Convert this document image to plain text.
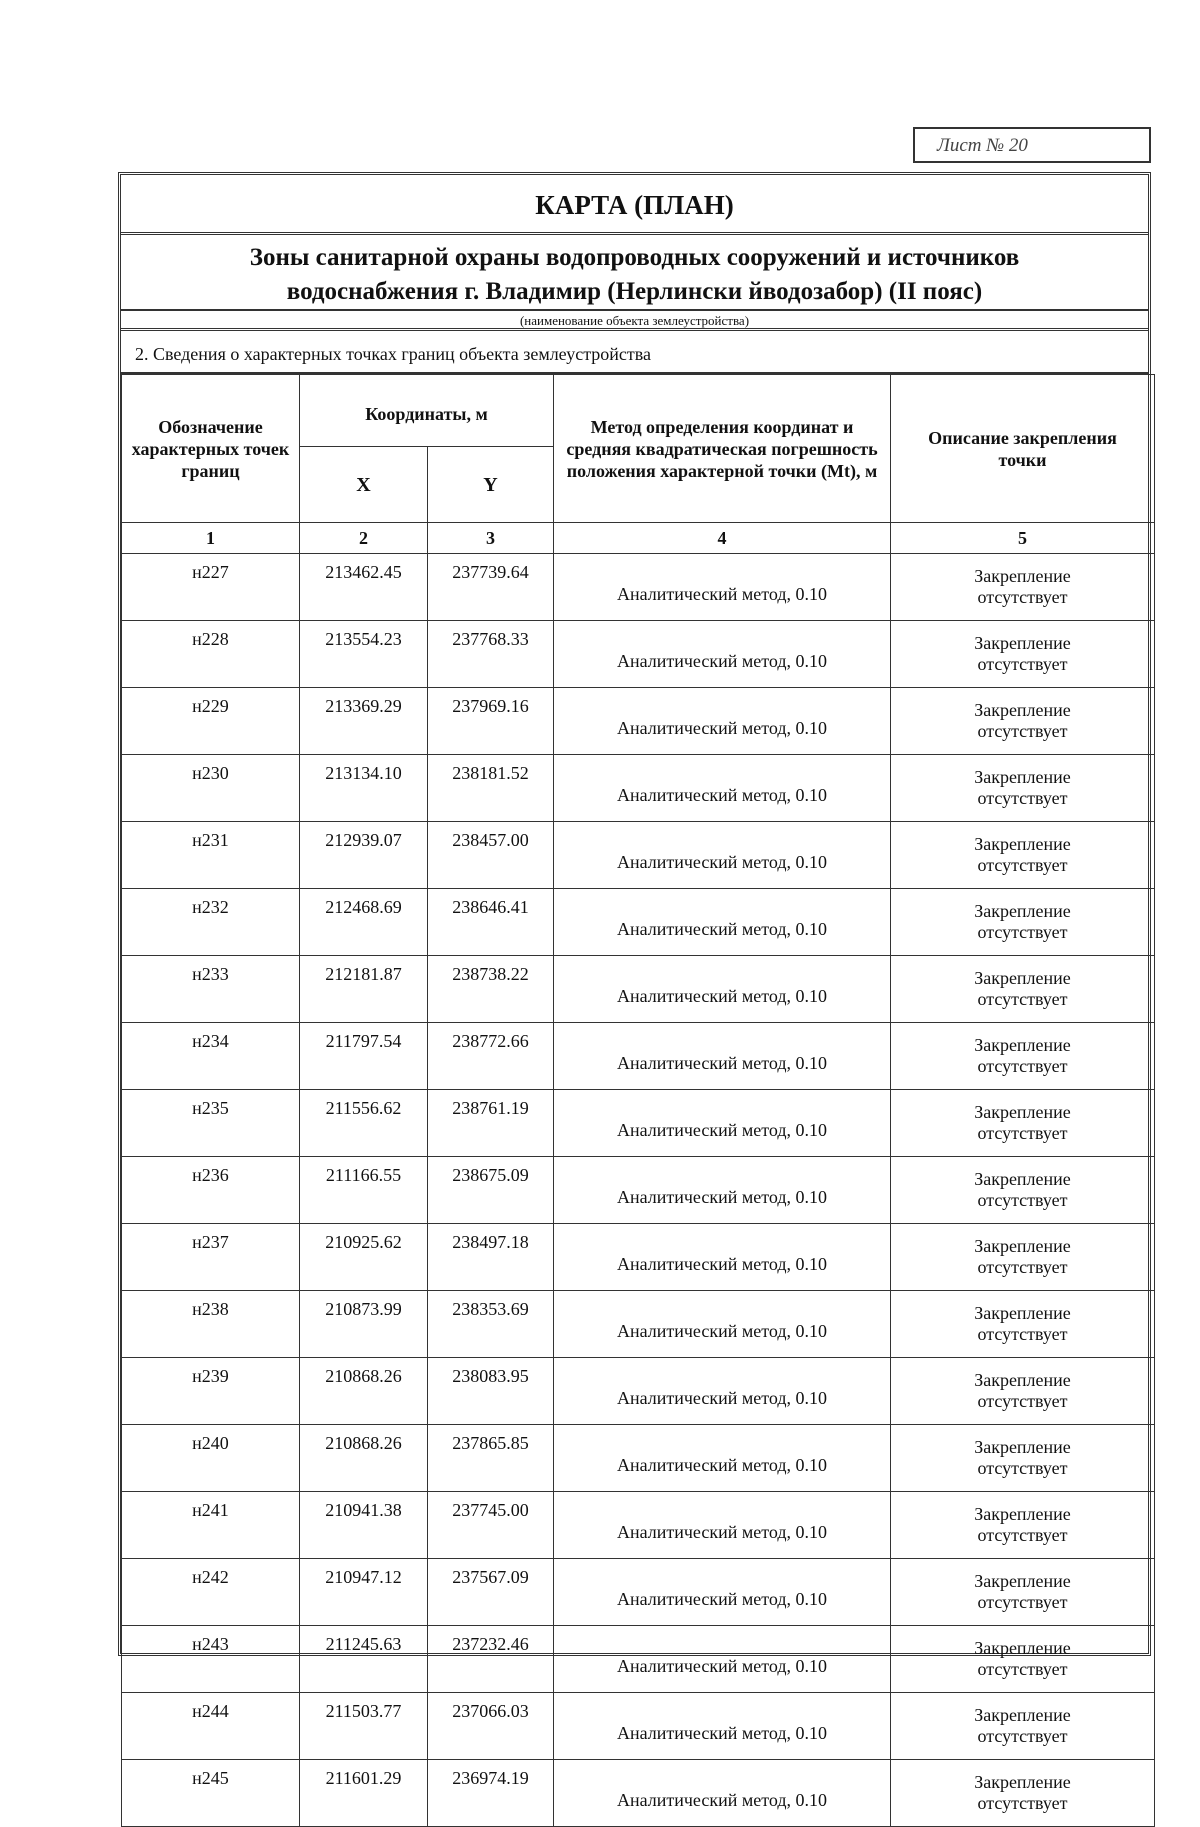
Лист № 20
КАРТА (ПЛАН)
Зоны санитарной охраны водопроводных сооружений и источников
водоснабжения г. Владимир (Нерлински йводозабор) (II пояс)
(наименование объекта землеустройства)
2. Сведения о характерных точках границ объекта землеустройства
Обозначение характерных точек границ	Координаты, м		Метод определения координат и средняя квадратическая погрешность положения характерной точки (Mt), м	Описание закрепления точки
	X	Y		
1	2	3	4	5
н227	213462.45	237739.64	Аналитический метод, 0.10	Закрепление
отсутствует

н228	213554.23	237768.33	Аналитический метод, 0.10	Закрепление
отсутствует

н229	213369.29	237969.16	Аналитический метод, 0.10	Закрепление
отсутствует

н230	213134.10	238181.52	Аналитический метод, 0.10	Закрепление
отсутствует

н231	212939.07	238457.00	Аналитический метод, 0.10	Закрепление
отсутствует

н232	212468.69	238646.41	Аналитический метод, 0.10	Закрепление
отсутствует

н233	212181.87	238738.22	Аналитический метод, 0.10	Закрепление
отсутствует

н234	211797.54	238772.66	Аналитический метод, 0.10	Закрепление
отсутствует

н235	211556.62	238761.19	Аналитический метод, 0.10	Закрепление
отсутствует

н236	211166.55	238675.09	Аналитический метод, 0.10	Закрепление
отсутствует

н237	210925.62	238497.18	Аналитический метод, 0.10	Закрепление
отсутствует

н238	210873.99	238353.69	Аналитический метод, 0.10	Закрепление
отсутствует

н239	210868.26	238083.95	Аналитический метод, 0.10	Закрепление
отсутствует

н240	210868.26	237865.85	Аналитический метод, 0.10	Закрепление
отсутствует

н241	210941.38	237745.00	Аналитический метод, 0.10	Закрепление
отсутствует

н242	210947.12	237567.09	Аналитический метод, 0.10	Закрепление
отсутствует

н243	211245.63	237232.46	Аналитический метод, 0.10	Закрепление
отсутствует

н244	211503.77	237066.03	Аналитический метод, 0.10	Закрепление
отсутствует

н245	211601.29	236974.19	Аналитический метод, 0.10	Закрепление
отсутствует
